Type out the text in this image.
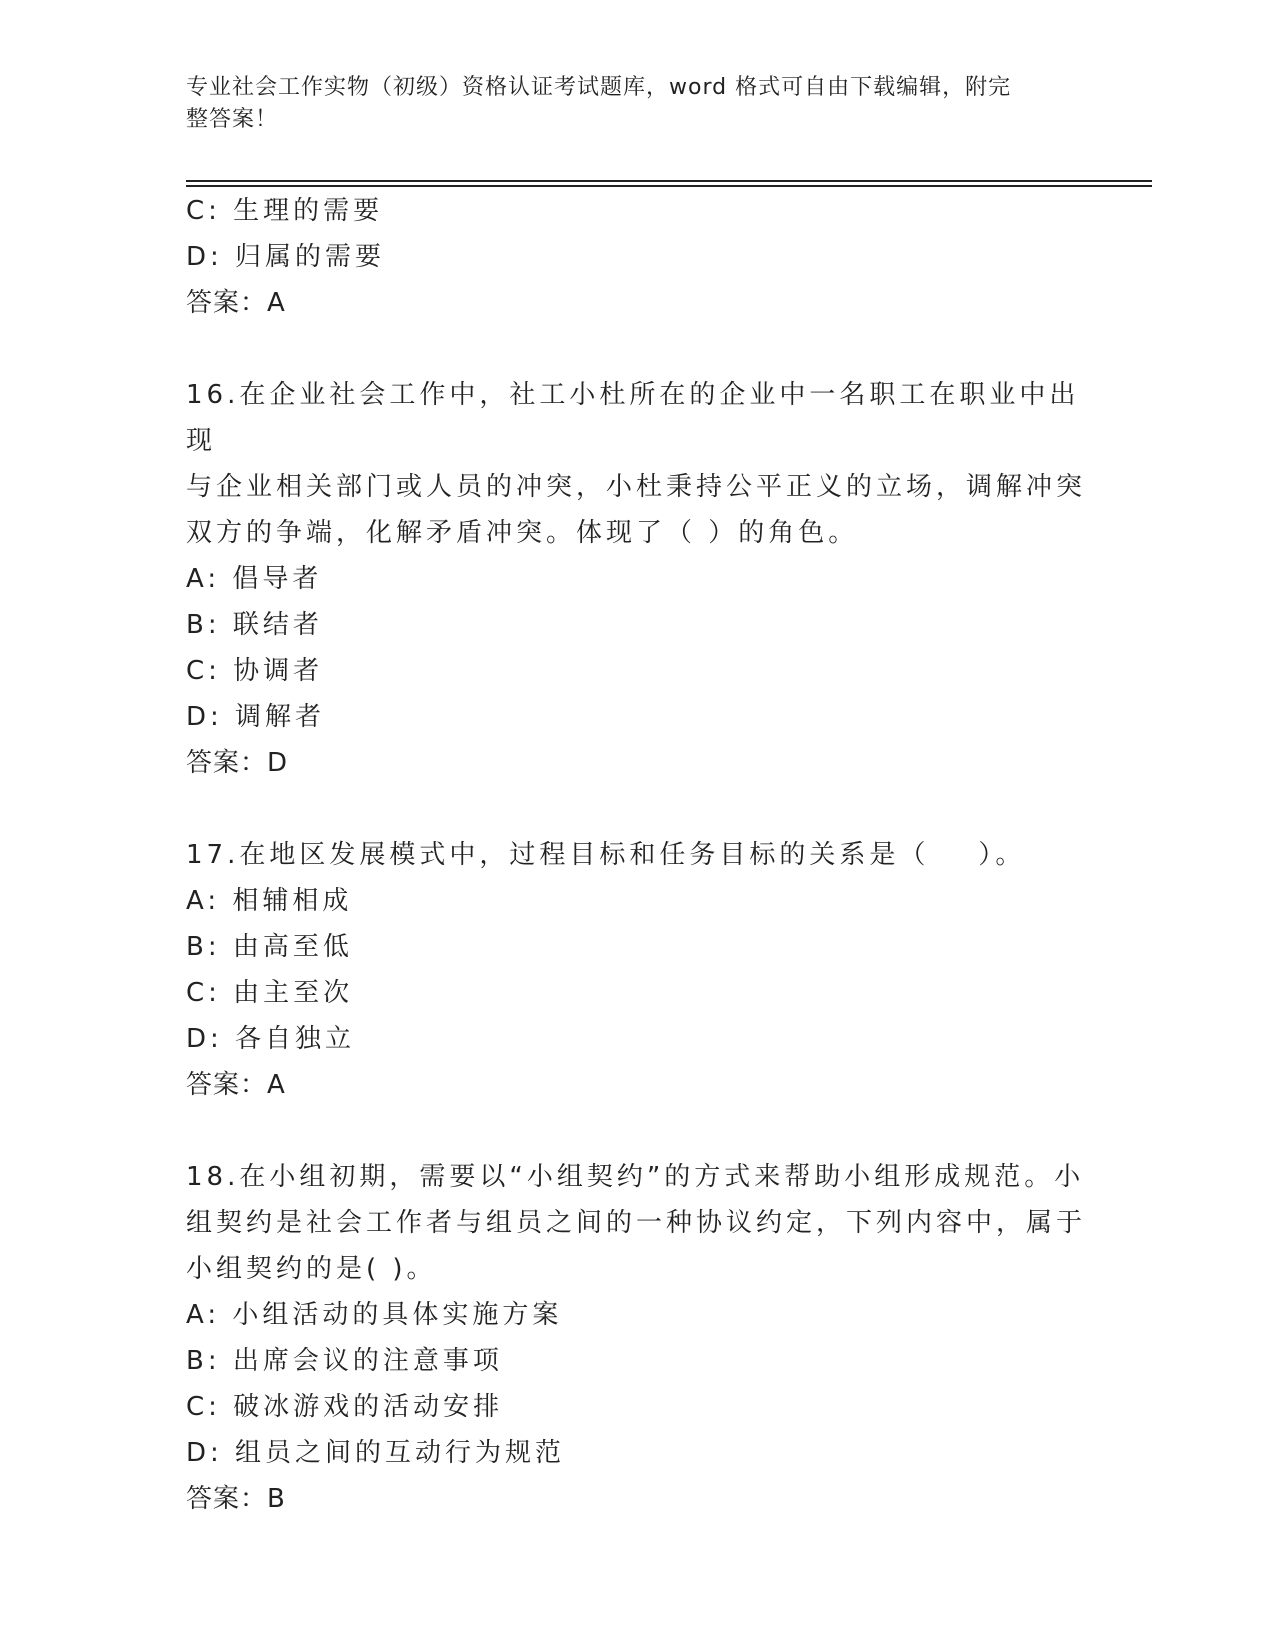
专业社会工作实物（初级）资格认证考试题库，word 格式可自由下载编辑，附完
整答案！

C: 生理的需要

D: 归属的需要

答案：A

16.在企业社会工作中，社工小杜所在的企业中一名职工在职业中出现

与企业相关部门或人员的冲突，小杜秉持公平正义的立场，调解冲突

双方的争端，化解矛盾冲突。体现了（ ）的角色。

A: 倡导者

B: 联结者

C: 协调者

D: 调解者

答案：D

17.在地区发展模式中，过程目标和任务目标的关系是（    ）。

A: 相辅相成

B: 由高至低

C: 由主至次

D: 各自独立

答案：A

18.在小组初期，需要以“小组契约”的方式来帮助小组形成规范。小

组契约是社会工作者与组员之间的一种协议约定，下列内容中，属于

小组契约的是( )。

A: 小组活动的具体实施方案

B: 出席会议的注意事项

C: 破冰游戏的活动安排

D: 组员之间的互动行为规范

答案：B
